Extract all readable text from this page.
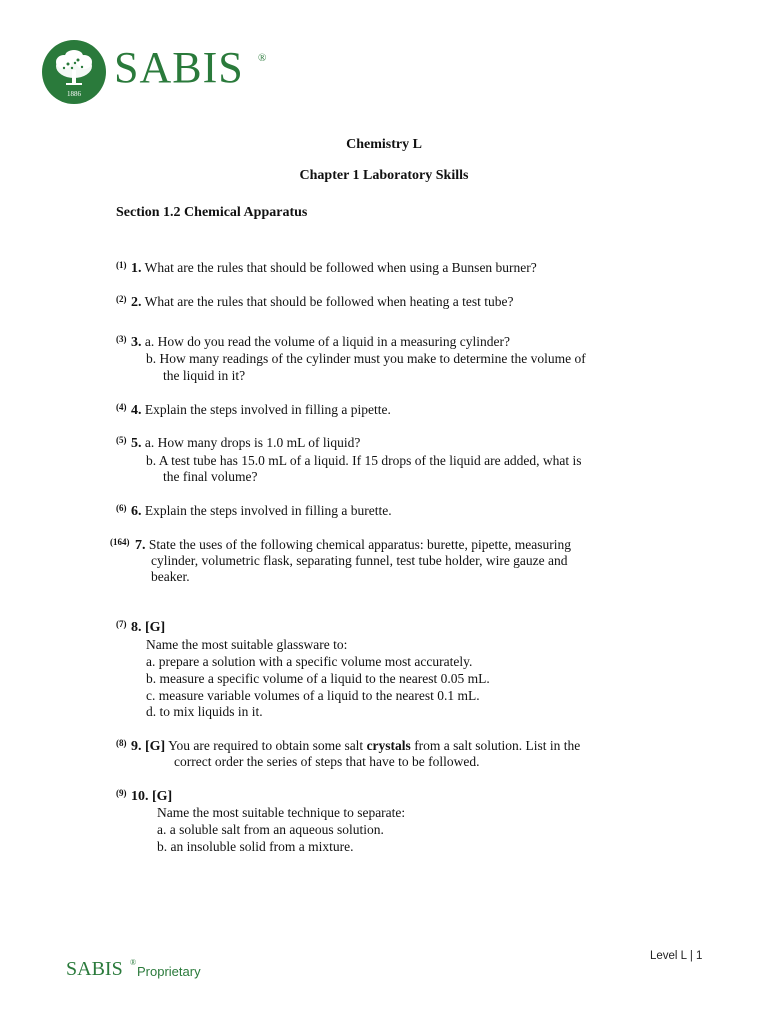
1886
SABIS ®
Chemistry L
Chapter 1 Laboratory Skills
Section 1.2 Chemical Apparatus
(1) 1. What are the rules that should be followed when using a Bunsen burner?
(2) 2. What are the rules that should be followed when heating a test tube?
(3) 3. a. How do you read the volume of a liquid in a measuring cylinder?
b. How many readings of the cylinder must you make to determine the volume of
the liquid in it?
(4) 4. Explain the steps involved in filling a pipette.
(5) 5. a. How many drops is 1.0 mL of liquid?
b. A test tube has 15.0 mL of a liquid. If 15 drops of the liquid are added, what is
the final volume?
(6) 6. Explain the steps involved in filling a burette.
(164) 7. State the uses of the following chemical apparatus: burette, pipette, measuring
cylinder, volumetric flask, separating funnel, test tube holder, wire gauze and
beaker.
(7) 8. [G]
Name the most suitable glassware to:
a. prepare a solution with a specific volume most accurately.
b. measure a specific volume of a liquid to the nearest 0.05 mL.
c. measure variable volumes of a liquid to the nearest 0.1 mL.
d. to mix liquids in it.
(8) 9. [G] You are required to obtain some salt crystals from a salt solution. List in the
correct order the series of steps that have to be followed.
(9) 10. [G]
Name the most suitable technique to separate:
a. a soluble salt from an aqueous solution.
b. an insoluble solid from a mixture.
SABIS ®
Proprietary
Level L | 1
